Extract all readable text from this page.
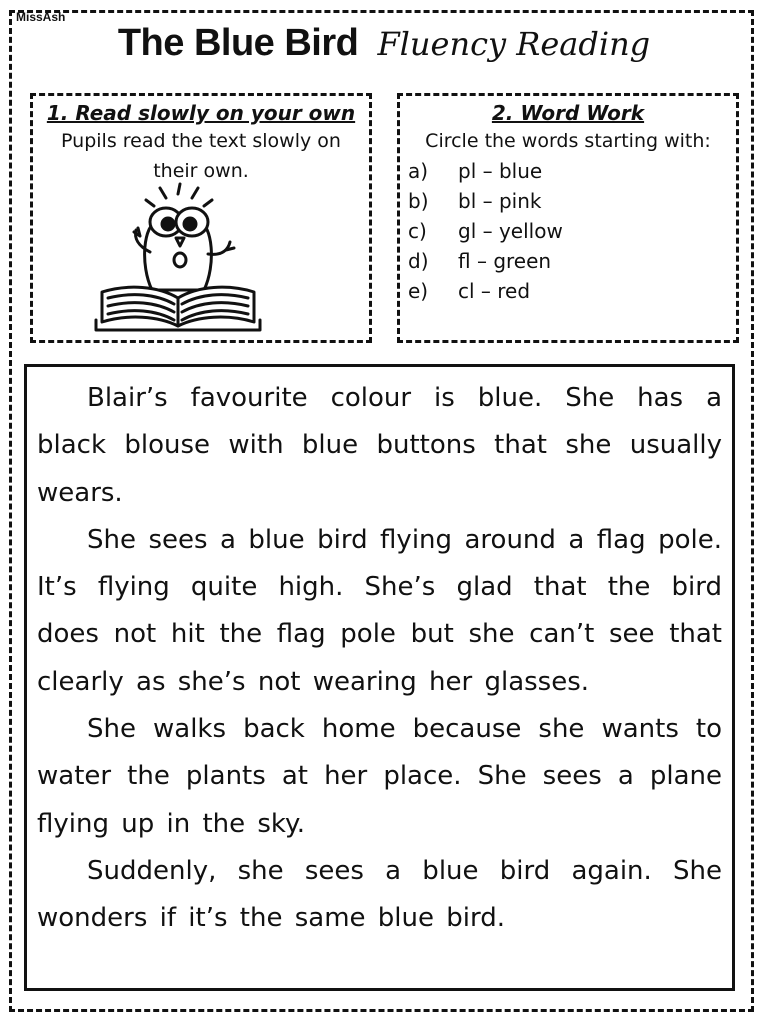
MissAsh
The Blue Bird Fluency Reading
1. Read slowly on your own
Pupils read the text slowly on their own.
2. Word Work
Circle the words starting with:
a)	pl – blue
b)	bl – pink
c)	gl – yellow
d)	fl – green
e)	cl – red

Blair’s favourite colour is blue. She has a black blouse with blue buttons that she usually wears.

She sees a blue bird flying around a flag pole. It’s flying quite high. She’s glad that the bird does not hit the flag pole but she can’t see that clearly as she’s not wearing her glasses.

She walks back home because she wants to water the plants at her place. She sees a plane flying up in the sky.

Suddenly, she sees a blue bird again. She wonders if it’s the same blue bird.
